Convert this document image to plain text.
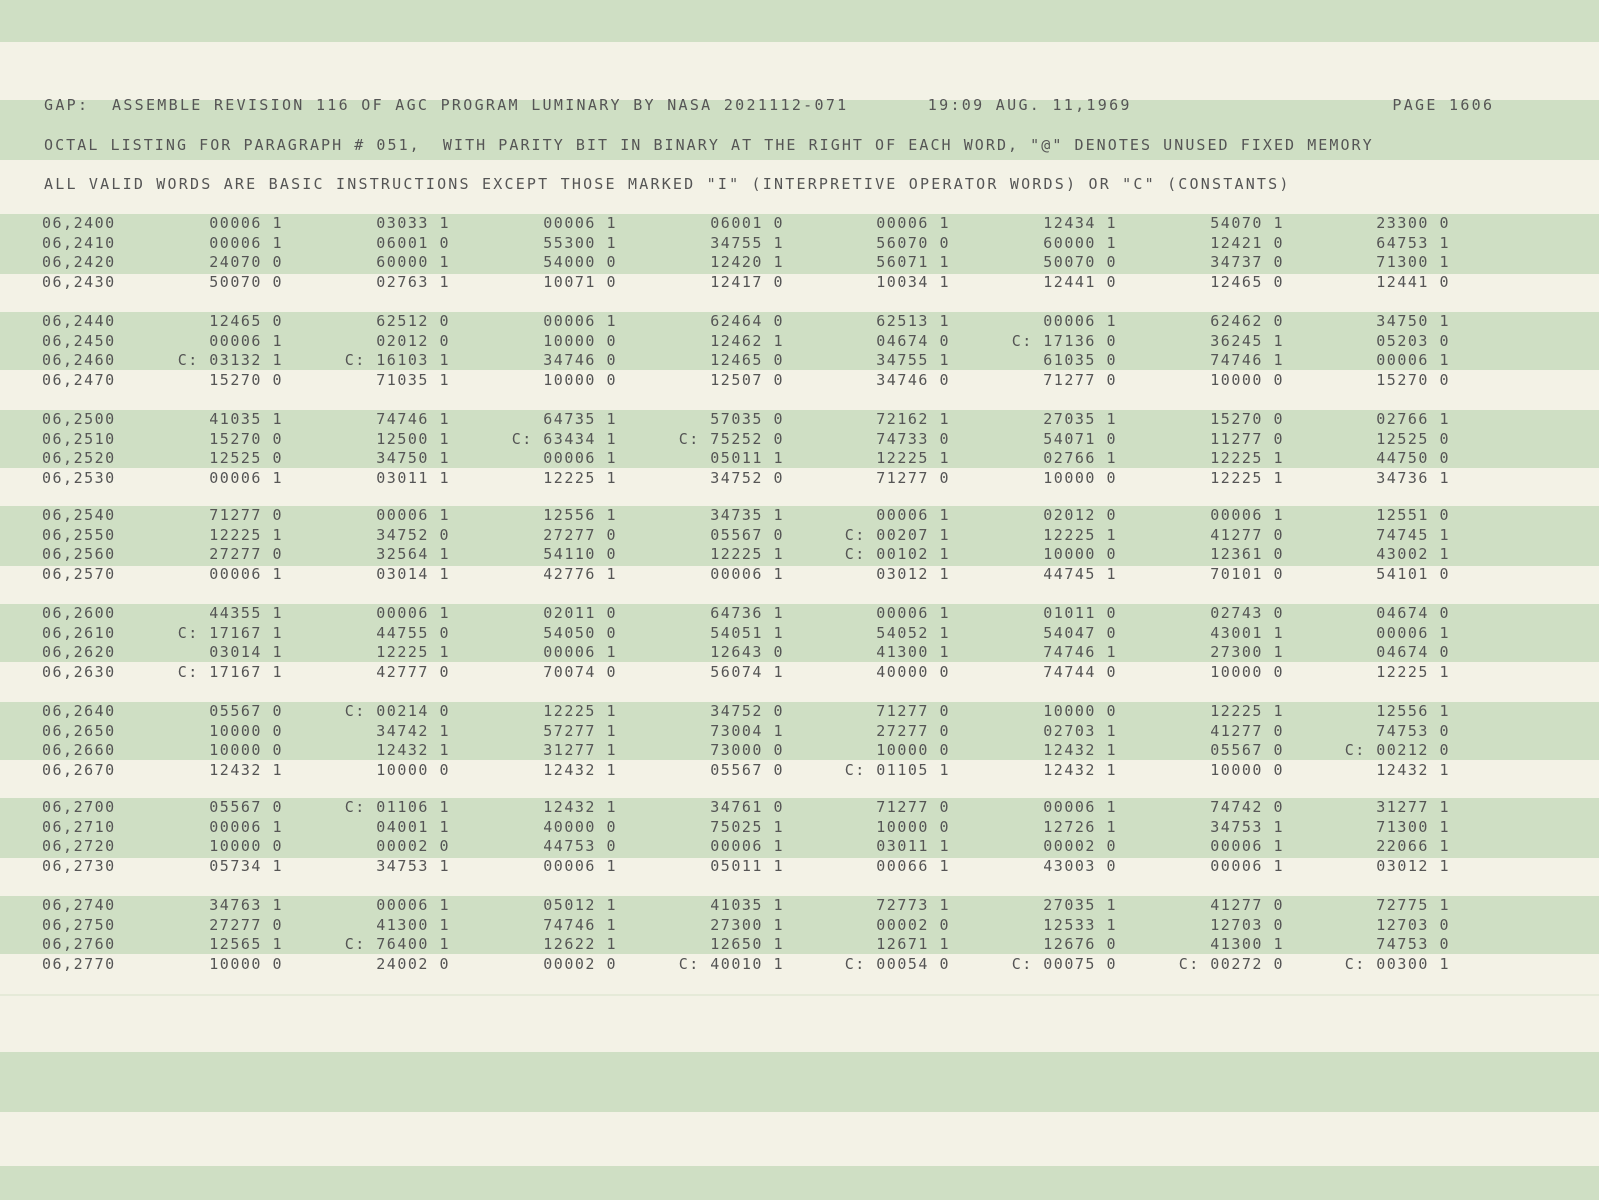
GAP:  ASSEMBLE REVISION 116 OF AGC PROGRAM LUMINARY BY NASA 2021112-071       19:09 AUG. 11,1969                       PAGE 1606
OCTAL LISTING FOR PARAGRAPH # 051,  WITH PARITY BIT IN BINARY AT THE RIGHT OF EACH WORD, "@" DENOTES UNUSED FIXED MEMORY
ALL VALID WORDS ARE BASIC INSTRUCTIONS EXCEPT THOSE MARKED "I" (INTERPRETIVE OPERATOR WORDS) OR "C" (CONSTANTS)
06,2400	00006 1	03033 1	00006 1	06001 0	00006 1	12434 1	54070 1	23300 0
06,2410	00006 1	06001 0	55300 1	34755 1	56070 0	60000 1	12421 0	64753 1
06,2420	24070 0	60000 1	54000 0	12420 1	56071 1	50070 0	34737 0	71300 1
06,2430	50070 0	02763 1	10071 0	12417 0	10034 1	12441 0	12465 0	12441 0
06,2440	12465 0	62512 0	00006 1	62464 0	62513 1	00006 1	62462 0	34750 1
06,2450	00006 1	02012 0	10000 0	12462 1	04674 0	C: 17136 0	36245 1	05203 0
06,2460	C: 03132 1	C: 16103 1	34746 0	12465 0	34755 1	61035 0	74746 1	00006 1
06,2470	15270 0	71035 1	10000 0	12507 0	34746 0	71277 0	10000 0	15270 0
06,2500	41035 1	74746 1	64735 1	57035 0	72162 1	27035 1	15270 0	02766 1
06,2510	15270 0	12500 1	C: 63434 1	C: 75252 0	74733 0	54071 0	11277 0	12525 0
06,2520	12525 0	34750 1	00006 1	05011 1	12225 1	02766 1	12225 1	44750 0
06,2530	00006 1	03011 1	12225 1	34752 0	71277 0	10000 0	12225 1	34736 1
06,2540	71277 0	00006 1	12556 1	34735 1	00006 1	02012 0	00006 1	12551 0
06,2550	12225 1	34752 0	27277 0	05567 0	C: 00207 1	12225 1	41277 0	74745 1
06,2560	27277 0	32564 1	54110 0	12225 1	C: 00102 1	10000 0	12361 0	43002 1
06,2570	00006 1	03014 1	42776 1	00006 1	03012 1	44745 1	70101 0	54101 0
06,2600	44355 1	00006 1	02011 0	64736 1	00006 1	01011 0	02743 0	04674 0
06,2610	C: 17167 1	44755 0	54050 0	54051 1	54052 1	54047 0	43001 1	00006 1
06,2620	03014 1	12225 1	00006 1	12643 0	41300 1	74746 1	27300 1	04674 0
06,2630	C: 17167 1	42777 0	70074 0	56074 1	40000 0	74744 0	10000 0	12225 1
06,2640	05567 0	C: 00214 0	12225 1	34752 0	71277 0	10000 0	12225 1	12556 1
06,2650	10000 0	34742 1	57277 1	73004 1	27277 0	02703 1	41277 0	74753 0
06,2660	10000 0	12432 1	31277 1	73000 0	10000 0	12432 1	05567 0	C: 00212 0
06,2670	12432 1	10000 0	12432 1	05567 0	C: 01105 1	12432 1	10000 0	12432 1
06,2700	05567 0	C: 01106 1	12432 1	34761 0	71277 0	00006 1	74742 0	31277 1
06,2710	00006 1	04001 1	40000 0	75025 1	10000 0	12726 1	34753 1	71300 1
06,2720	10000 0	00002 0	44753 0	00006 1	03011 1	00002 0	00006 1	22066 1
06,2730	05734 1	34753 1	00006 1	05011 1	00066 1	43003 0	00006 1	03012 1
06,2740	34763 1	00006 1	05012 1	41035 1	72773 1	27035 1	41277 0	72775 1
06,2750	27277 0	41300 1	74746 1	27300 1	00002 0	12533 1	12703 0	12703 0
06,2760	12565 1	C: 76400 1	12622 1	12650 1	12671 1	12676 0	41300 1	74753 0
06,2770	10000 0	24002 0	00002 0	C: 40010 1	C: 00054 0	C: 00075 0	C: 00272 0	C: 00300 1
